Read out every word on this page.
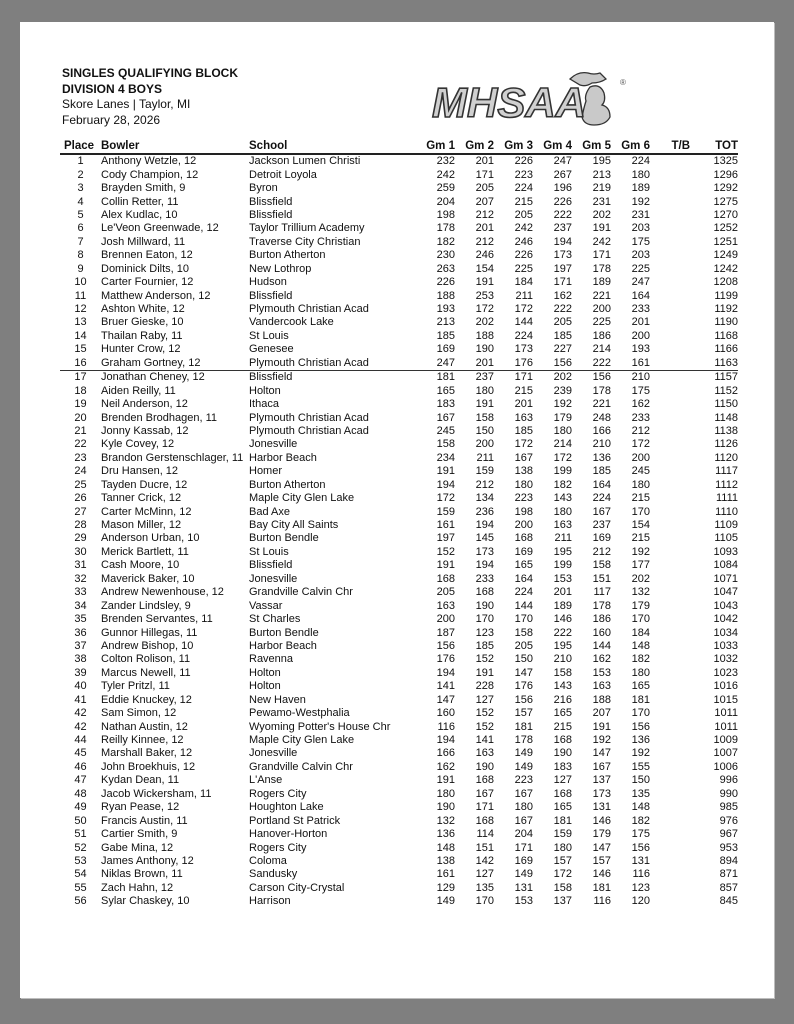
SINGLES QUALIFYING BLOCK
DIVISION 4 BOYS
Skore Lanes | Taylor, MI
February 28, 2026	MHSAA	®
Place	Bowler	School	Gm 1	Gm 2	Gm 3	Gm 4	Gm 5	Gm 6	T/B	TOT
1	Anthony Wetzle, 12	Jackson Lumen Christi	232	201	226	247	195	224		1325
2	Cody Champion, 12	Detroit Loyola	242	171	223	267	213	180		1296
3	Brayden Smith, 9	Byron	259	205	224	196	219	189		1292
4	Collin Retter, 11	Blissfield	204	207	215	226	231	192		1275
5	Alex Kudlac, 10	Blissfield	198	212	205	222	202	231		1270
6	Le'Veon Greenwade, 12	Taylor Trillium Academy	178	201	242	237	191	203		1252
7	Josh Millward, 11	Traverse City Christian	182	212	246	194	242	175		1251
8	Brennen Eaton, 12	Burton Atherton	230	246	226	173	171	203		1249
9	Dominick Dilts, 10	New Lothrop	263	154	225	197	178	225		1242
10	Carter Fournier, 12	Hudson	226	191	184	171	189	247		1208
11	Matthew Anderson, 12	Blissfield	188	253	211	162	221	164		1199
12	Ashton White, 12	Plymouth Christian Acad	193	172	172	222	200	233		1192
13	Bruer Gieske, 10	Vandercook Lake	213	202	144	205	225	201		1190
14	Thailan Raby, 11	St Louis	185	188	224	185	186	200		1168
15	Hunter Crow, 12	Genesee	169	190	173	227	214	193		1166
16	Graham Gortney, 12	Plymouth Christian Acad	247	201	176	156	222	161		1163
17	Jonathan Cheney, 12	Blissfield	181	237	171	202	156	210		1157
18	Aiden Reilly, 11	Holton	165	180	215	239	178	175		1152
19	Neil Anderson, 12	Ithaca	183	191	201	192	221	162		1150
20	Brenden Brodhagen, 11	Plymouth Christian Acad	167	158	163	179	248	233		1148
21	Jonny Kassab, 12	Plymouth Christian Acad	245	150	185	180	166	212		1138
22	Kyle Covey, 12	Jonesville	158	200	172	214	210	172		1126
23	Brandon Gerstenschlager, 11	Harbor Beach	234	211	167	172	136	200		1120
24	Dru Hansen, 12	Homer	191	159	138	199	185	245		1117
25	Tayden Ducre, 12	Burton Atherton	194	212	180	182	164	180		1112
26	Tanner Crick, 12	Maple City Glen Lake	172	134	223	143	224	215		1111
27	Carter McMinn, 12	Bad Axe	159	236	198	180	167	170		1110
28	Mason Miller, 12	Bay City All Saints	161	194	200	163	237	154		1109
29	Anderson Urban, 10	Burton Bendle	197	145	168	211	169	215		1105
30	Merick Bartlett, 11	St Louis	152	173	169	195	212	192		1093
31	Cash Moore, 10	Blissfield	191	194	165	199	158	177		1084
32	Maverick Baker, 10	Jonesville	168	233	164	153	151	202		1071
33	Andrew Newenhouse, 12	Grandville Calvin Chr	205	168	224	201	117	132		1047
34	Zander Lindsley, 9	Vassar	163	190	144	189	178	179		1043
35	Brenden Servantes, 11	St Charles	200	170	170	146	186	170		1042
36	Gunnor Hillegas, 11	Burton Bendle	187	123	158	222	160	184		1034
37	Andrew Bishop, 10	Harbor Beach	156	185	205	195	144	148		1033
38	Colton Rolison, 11	Ravenna	176	152	150	210	162	182		1032
39	Marcus Newell, 11	Holton	194	191	147	158	153	180		1023
40	Tyler Pritzl, 11	Holton	141	228	176	143	163	165		1016
41	Eddie Knuckey, 12	New Haven	147	127	156	216	188	181		1015
42	Sam Simon, 12	Pewamo-Westphalia	160	152	157	165	207	170		1011
42	Nathan Austin, 12	Wyoming Potter's House Chr	116	152	181	215	191	156		1011
44	Reilly Kinnee, 12	Maple City Glen Lake	194	141	178	168	192	136		1009
45	Marshall Baker, 12	Jonesville	166	163	149	190	147	192		1007
46	John Broekhuis, 12	Grandville Calvin Chr	162	190	149	183	167	155		1006
47	Kydan Dean, 11	L'Anse	191	168	223	127	137	150		996
48	Jacob Wickersham, 11	Rogers City	180	167	167	168	173	135		990
49	Ryan Pease, 12	Houghton Lake	190	171	180	165	131	148		985
50	Francis Austin, 11	Portland St Patrick	132	168	167	181	146	182		976
51	Cartier Smith, 9	Hanover-Horton	136	114	204	159	179	175		967
52	Gabe Mina, 12	Rogers City	148	151	171	180	147	156		953
53	James Anthony, 12	Coloma	138	142	169	157	157	131		894
54	Niklas Brown, 11	Sandusky	161	127	149	172	146	116		871
55	Zach Hahn, 12	Carson City-Crystal	129	135	131	158	181	123		857
56	Sylar Chaskey, 10	Harrison	149	170	153	137	116	120		845
